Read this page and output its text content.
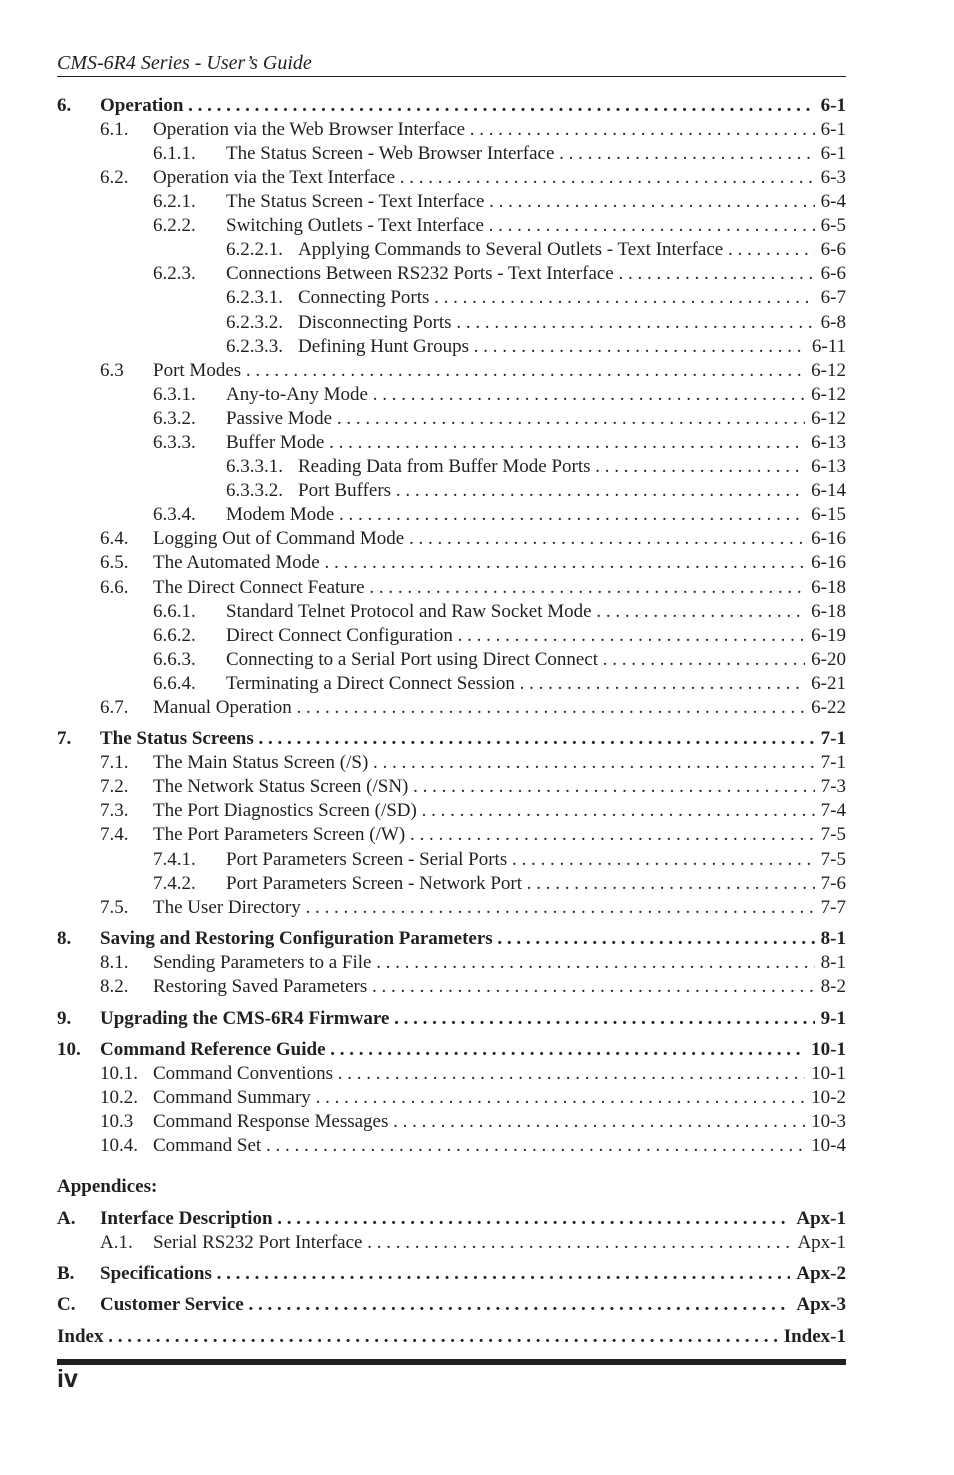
CMS-6R4 Series - User’s Guide
6. Operation . . .	6-1
6.1. Operation via the Web Browser Interface . . .	6-1
6.1.1. The Status Screen - Web Browser Interface . . .	6-1
6.2. Operation via the Text Interface . . .	6-3
6.2.1. The Status Screen - Text Interface . . .	6-4
6.2.2. Switching Outlets - Text Interface . . .	6-5
6.2.2.1. Applying Commands to Several Outlets - Text Interface . . .	6-6
6.2.3. Connections Between RS232 Ports - Text Interface . . .	6-6
6.2.3.1. Connecting Ports . . .	6-7
6.2.3.2. Disconnecting Ports . . .	6-8
6.2.3.3. Defining Hunt Groups . . .	6-11
6.3 Port Modes . . .	6-12
6.3.1. Any-to-Any Mode . . .	6-12
6.3.2. Passive Mode . . .	6-12
6.3.3. Buffer Mode . . .	6-13
6.3.3.1. Reading Data from Buffer Mode Ports . . .	6-13
6.3.3.2. Port Buffers . . .	6-14
6.3.4. Modem Mode . . .	6-15
6.4. Logging Out of Command Mode . . .	6-16
6.5. The Automated Mode . . .	6-16
6.6. The Direct Connect Feature . . .	6-18
6.6.1. Standard Telnet Protocol and Raw Socket Mode . . .	6-18
6.6.2. Direct Connect Configuration . . .	6-19
6.6.3. Connecting to a Serial Port using Direct Connect . . .	6-20
6.6.4. Terminating a Direct Connect Session . . .	6-21
6.7. Manual Operation . . .	6-22
7. The Status Screens . . .	7-1
7.1. The Main Status Screen (/S) . . .	7-1
7.2. The Network Status Screen (/SN) . . .	7-3
7.3. The Port Diagnostics Screen (/SD) . . .	7-4
7.4. The Port Parameters Screen (/W) . . .	7-5
7.4.1. Port Parameters Screen - Serial Ports . . .	7-5
7.4.2. Port Parameters Screen - Network Port . . .	7-6
7.5. The User Directory . . .	7-7
8. Saving and Restoring Configuration Parameters . . .	8-1
8.1. Sending Parameters to a File . . .	8-1
8.2. Restoring Saved Parameters . . .	8-2
9. Upgrading the CMS-6R4 Firmware . . .	9-1
10. Command Reference Guide . . .	10-1
10.1. Command Conventions . . .	10-1
10.2. Command Summary . . .	10-2
10.3 Command Response Messages . . .	10-3
10.4. Command Set . . .	10-4
Appendices:
A. Interface Description . . .	Apx-1
A.1. Serial RS232 Port Interface . . .	Apx-1
B. Specifications . . .	Apx-2
C. Customer Service . . .	Apx-3
Index . . .	Index-1
iv
